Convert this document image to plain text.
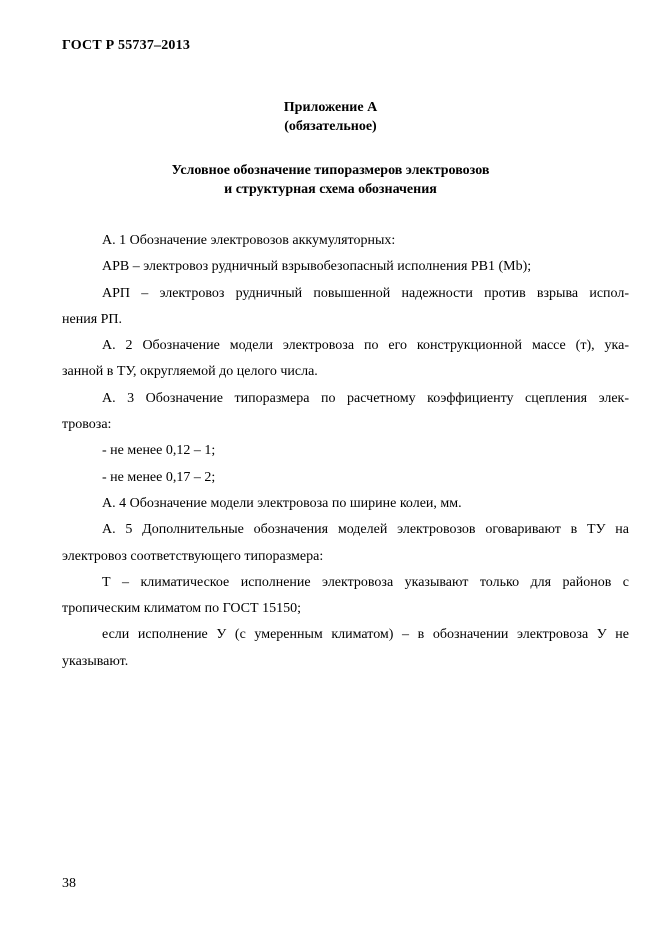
ГОСТ Р 55737–2013
Приложение А
(обязательное)
Условное обозначение типоразмеров электровозов
и структурная схема обозначения

А. 1 Обозначение электровозов аккумуляторных:

АРВ – электровоз рудничный взрывобезопасный исполнения РВ1 (Мb);

АРП – электровоз рудничный повышенной надежности против взрыва испол-

нения РП.

А. 2 Обозначение модели электровоза по его конструкционной массе (т), ука-

занной в ТУ, округляемой до целого числа.

А. 3 Обозначение типоразмера по расчетному коэффициенту сцепления элек-

тровоза:

- не менее 0,12 – 1;

- не менее 0,17 – 2;

А. 4 Обозначение модели электровоза по ширине колеи, мм.

А. 5 Дополнительные обозначения моделей электровозов оговаривают в ТУ на

электровоз соответствующего типоразмера:

Т – климатическое исполнение электровоза указывают только для районов с

тропическим климатом по ГОСТ 15150;

если исполнение У (с умеренным климатом) – в обозначении электровоза У не

указывают.

38
